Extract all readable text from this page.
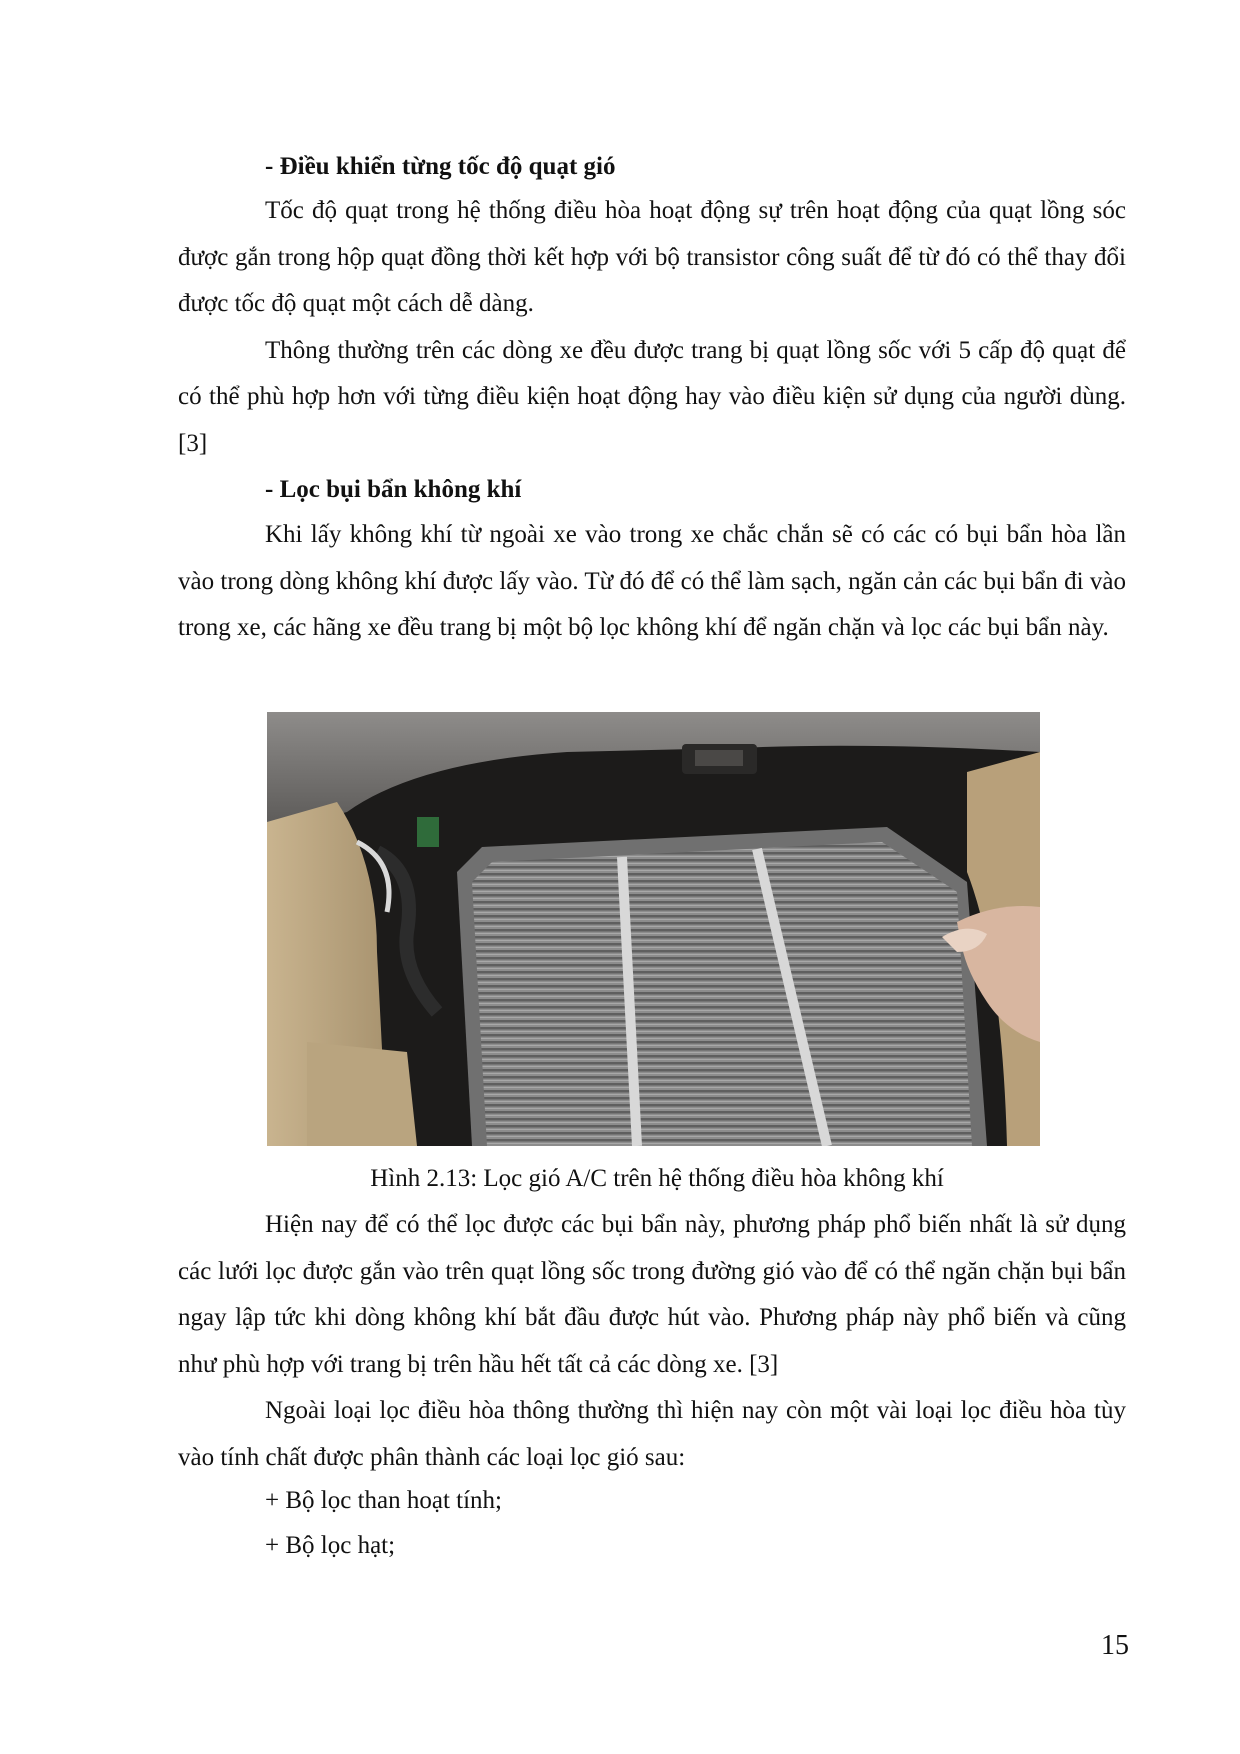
- Điều khiển từng tốc độ quạt gió

Tốc độ quạt trong hệ thống điều hòa hoạt động sự trên hoạt động của quạt lồng sóc được gắn trong hộp quạt đồng thời kết hợp với bộ transistor công suất để từ đó có thể thay đổi được tốc độ quạt một cách dễ dàng.

Thông thường trên các dòng xe đều được trang bị quạt lồng sốc với 5 cấp độ quạt để có thể phù hợp hơn với từng điều kiện hoạt động hay vào điều kiện sử dụng của người dùng. [3]

- Lọc bụi bẩn không khí

Khi lấy không khí từ ngoài xe vào trong xe chắc chắn sẽ có các có bụi bẩn hòa lần vào trong dòng không khí được lấy vào. Từ đó để có thể làm sạch, ngăn cản các bụi bẩn đi vào trong xe, các hãng xe đều trang bị một bộ lọc không khí để ngăn chặn và lọc các bụi bẩn này.

Hình 2.13: Lọc gió A/C trên hệ thống điều hòa không khí

Hiện nay để có thể lọc được các bụi bẩn này, phương pháp phổ biến nhất là sử dụng các lưới lọc được gắn vào trên quạt lồng sốc trong đường gió vào để có thể ngăn chặn bụi bẩn ngay lập tức khi dòng không khí bắt đầu được hút vào. Phương pháp này phổ biến và cũng như phù hợp với trang bị trên hầu hết tất cả các dòng xe. [3]

Ngoài loại lọc điều hòa thông thường thì hiện nay còn một vài loại lọc điều hòa tùy vào tính chất được phân thành các loại lọc gió sau:

+ Bộ lọc than hoạt tính;
+ Bộ lọc hạt;
15
